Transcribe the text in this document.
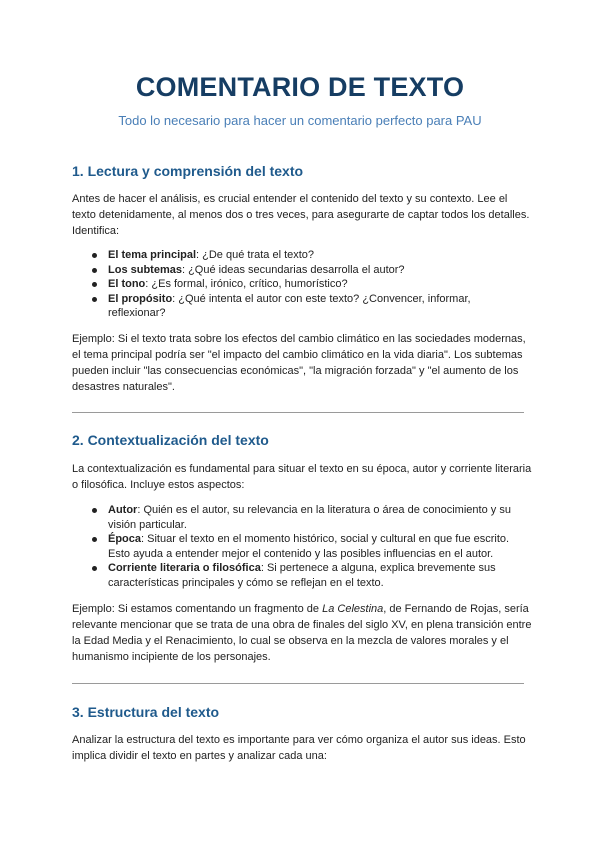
COMENTARIO DE TEXTO
Todo lo necesario para hacer un comentario perfecto para PAU
1. Lectura y comprensión del texto

Antes de hacer el análisis, es crucial entender el contenido del texto y su contexto. Lee el texto detenidamente, al menos dos o tres veces, para asegurarte de captar todos los detalles. Identifica:

El tema principal: ¿De qué trata el texto?
Los subtemas: ¿Qué ideas secundarias desarrolla el autor?
El tono: ¿Es formal, irónico, crítico, humorístico?
El propósito: ¿Qué intenta el autor con este texto? ¿Convencer, informar, reflexionar?

Ejemplo: Si el texto trata sobre los efectos del cambio climático en las sociedades modernas, el tema principal podría ser "el impacto del cambio climático en la vida diaria". Los subtemas pueden incluir "las consecuencias económicas", "la migración forzada" y "el aumento de los desastres naturales".

2. Contextualización del texto

La contextualización es fundamental para situar el texto en su época, autor y corriente literaria o filosófica. Incluye estos aspectos:

Autor: Quién es el autor, su relevancia en la literatura o área de conocimiento y su visión particular.
Época: Situar el texto en el momento histórico, social y cultural en que fue escrito. Esto ayuda a entender mejor el contenido y las posibles influencias en el autor.
Corriente literaria o filosófica: Si pertenece a alguna, explica brevemente sus características principales y cómo se reflejan en el texto.

Ejemplo: Si estamos comentando un fragmento de La Celestina, de Fernando de Rojas, sería relevante mencionar que se trata de una obra de finales del siglo XV, en plena transición entre la Edad Media y el Renacimiento, lo cual se observa en la mezcla de valores morales y el humanismo incipiente de los personajes.

3. Estructura del texto

Analizar la estructura del texto es importante para ver cómo organiza el autor sus ideas. Esto implica dividir el texto en partes y analizar cada una:
